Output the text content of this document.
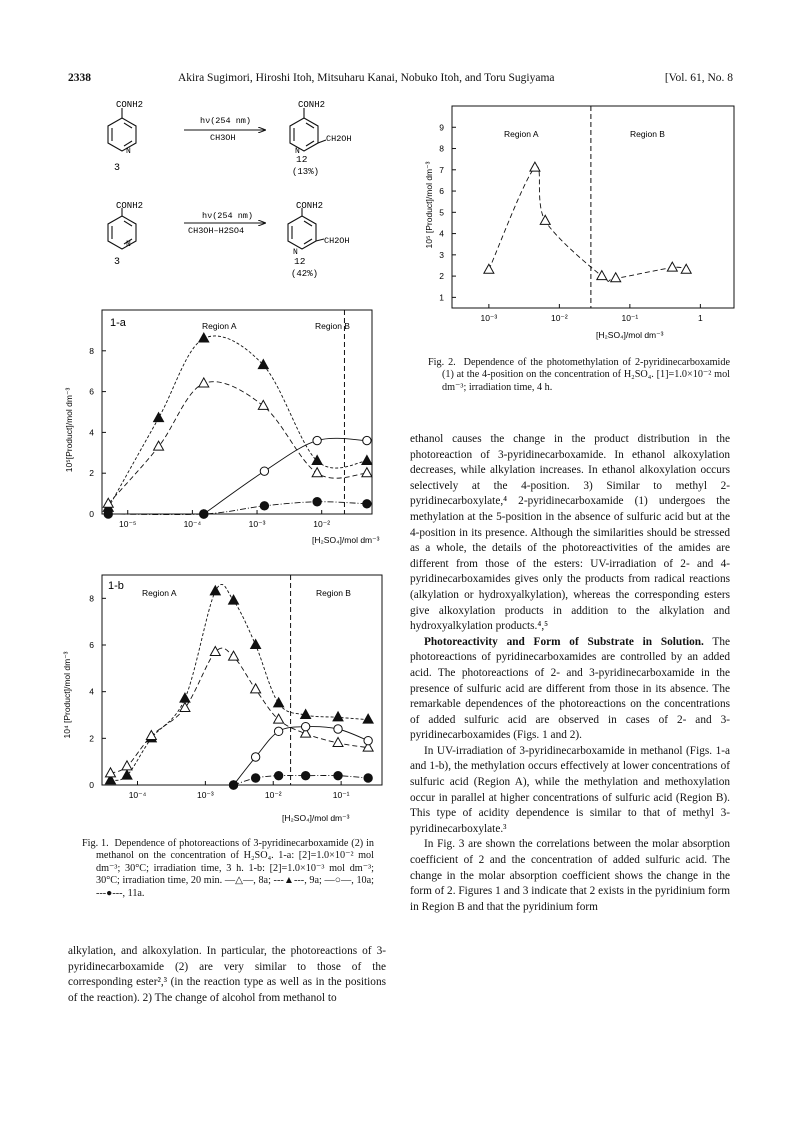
2338	Akira Sugimori, Hiroshi Itoh, Mitsuharu Kanai, Nobuko Itoh, and Toru Sugiyama	[Vol. 61, No. 8
CONH2
N
3
hν(254 nm)
CH3OH
CONH2
N
CH2OH
12
(13%)
CONH2
N
3
hν(254 nm)
CH3OH–H2SO4
CONH2
N
CH2OH
12
(42%)
1-a	Region A	Region B
10⁵[Product]/mol dm⁻³
[H₂SO₄]/mol dm⁻³
0
2
4
6
8
10⁻⁵	10⁻⁴	10⁻³	10⁻²
1-b
Region A	Region B
10⁴ [Product]/mol dm⁻³
[H₂SO₄]/mol dm⁻³
0
2
4
6
8
10⁻⁴	10⁻³	10⁻²	10⁻¹
Region A	Region B
10⁵ [Product]/mol dm⁻³
[H₂SO₄]/mol dm⁻³
1
2
3
4
5
6
7
8
9
10⁻³	10⁻²	10⁻¹	1
Fig. 2. Dependence of the photomethylation of 2-pyridinecarboxamide (1) at the 4-position on the concentration of H₂SO₄. [1]=1.0×10⁻² mol dm⁻³; irradiation time, 4 h.
Fig. 1. Dependence of photoreactions of 3-pyridinecarboxamide (2) in methanol on the concentration of H₂SO₄. 1-a: [2]=1.0×10⁻² mol dm⁻³; 30°C; irradiation time, 3 h. 1-b: [2]=1.0×10⁻³ mol dm⁻³; 30°C; irradiation time, 20 min. —△—, 8a; ---▲---, 9a; —○—, 10a; ---●---, 11a.

alkylation, and alkoxylation. In particular, the photoreactions of 3-pyridinecarboxamide (2) are very similar to those of the corresponding ester²,³ (in the reaction type as well as in the positions of the reaction). 2) The change of alcohol from methanol to

ethanol causes the change in the product distribution in the photoreaction of 3-pyridinecarboxamide. In ethanol alkoxylation decreases, while alkylation increases. In ethanol alkoxylation occurs selectively at the 4-position. 3) Similar to methyl 2-pyridinecarboxylate,⁴ 2-pyridinecarboxamide (1) undergoes the methylation at the 5-position in the absence of sulfuric acid but at the 4-position in its presence. Although the similarities should be stressed as a whole, the details of the photoreactivities of the amides are different from those of the esters: UV-irradiation of 2- and 4-pyridinecarboxamides gives only the products from radical reactions (alkylation or hydroxyalkylation), whereas the corresponding esters give alkoxylation products in addition to the alkylation and hydroxyalkylation products.⁴,⁵

Photoreactivity and Form of Substrate in Solution. The photoreactions of pyridinecarboxamides are controlled by an added acid. The photoreactions of 2- and 3-pyridinecarboxamide in the presence of sulfuric acid are different from those in its absence. The remarkable dependences of the photoreactions on the concentrations of added sulfuric acid are observed in cases of 2- and 3-pyridinecarboxamides (Figs. 1 and 2).

In UV-irradiation of 3-pyridinecarboxamide in methanol (Figs. 1-a and 1-b), the methylation occurs effectively at lower concentrations of sulfuric acid (Region A), while the methylation and methoxylation occur in parallel at higher concentrations of sulfuric acid (Region B). This type of acidity dependence is similar to that of methyl 3-pyridinecarboxylate.³

In Fig. 3 are shown the correlations between the molar absorption coefficient of 2 and the concentration of added sulfuric acid. The change in the molar absorption coefficient shows the change in the form of 2. Figures 1 and 3 indicate that 2 exists in the pyridinium form in Region B and that the pyridinium form
